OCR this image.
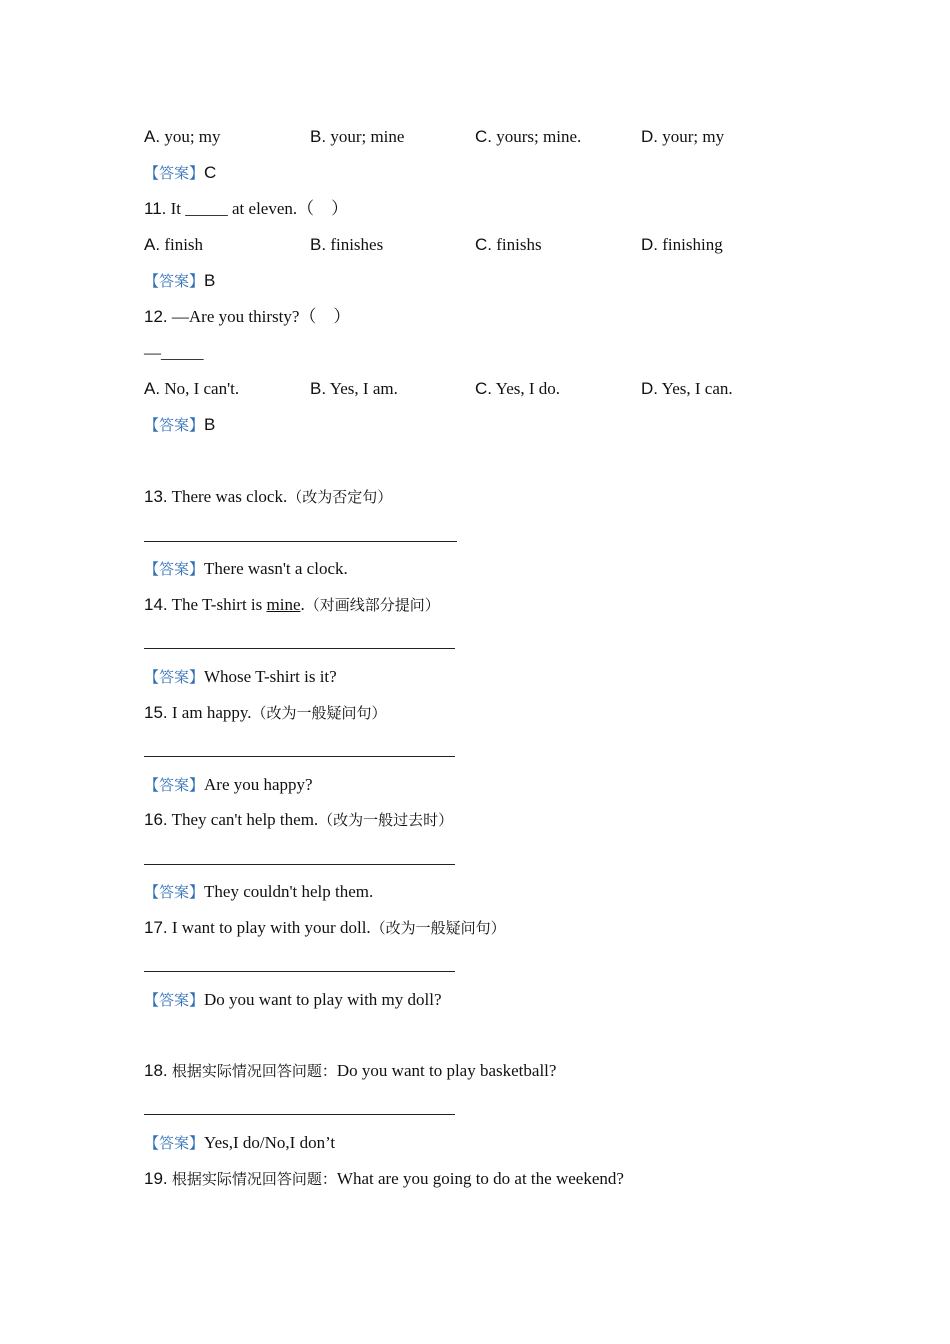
A. you; my	B. your; mine	C. yours; mine.	D. your; my
【答案】C
11. It _____ at eleven.（　）
A. finish	B. finishes	C. finishs	D. finishing
【答案】B
12. —Are you thirsty?（　）
—_____
A. No, I can't.	B. Yes, I am.	C. Yes, I do.	D. Yes, I can.
【答案】B
13. There was clock.（改为否定句）
【答案】There wasn't a clock.
14. The T-shirt is mine.（对画线部分提问）
【答案】Whose T-shirt is it?
15. I am happy.（改为一般疑问句）
【答案】Are you happy?
16. They can't help them.（改为一般过去时）
【答案】They couldn't help them.
17. I want to play with your doll.（改为一般疑问句）
【答案】Do you want to play with my doll?
18. 根据实际情况回答问题：Do you want to play basketball?
【答案】Yes,I do/No,I don’t
19. 根据实际情况回答问题：What are you going to do at the weekend?
